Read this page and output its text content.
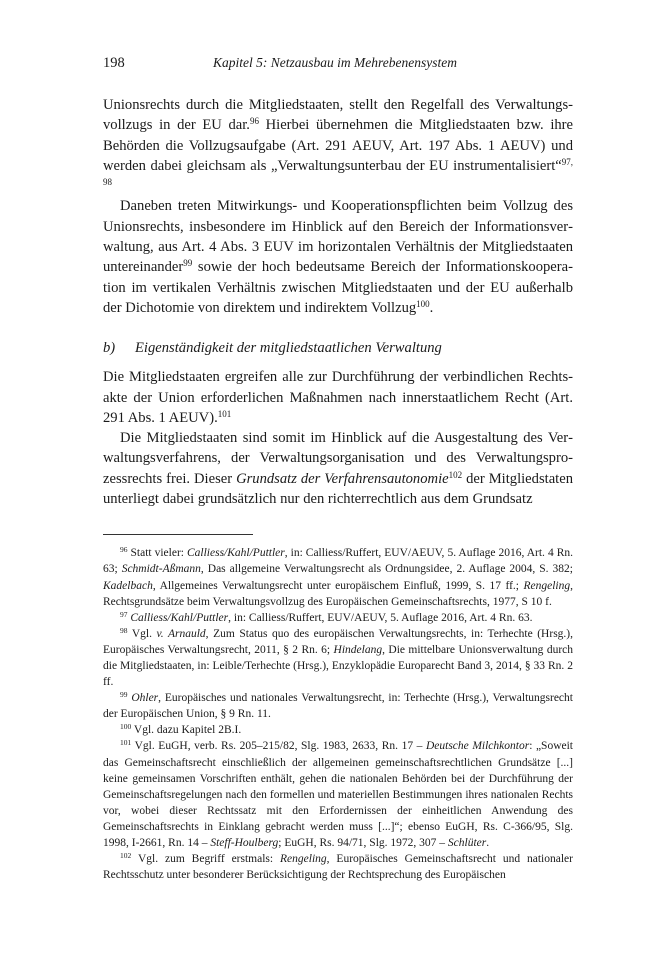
198	Kapitel 5: Netzausbau im Mehrebenensystem

Unionsrechts durch die Mitgliedstaaten, stellt den Regelfall des Verwaltungsvollzugs in der EU dar.$^{96}$ Hierbei übernehmen die Mitgliedstaaten bzw. ihre Behörden die Vollzugsaufgabe (Art. 291 AEUV, Art. 197 Abs. 1 AEUV) und werden dabei gleichsam als „Verwaltungsunterbau der EU instrumentalisiert“$^{97, 98}$

Daneben treten Mitwirkungs- und Kooperationspflichten beim Vollzug des Unionsrechts, insbesondere im Hinblick auf den Bereich der Informationsverwaltung, aus Art. 4 Abs. 3 EUV im horizontalen Verhältnis der Mitgliedstaaten untereinander$^{99}$ sowie der hoch bedeutsame Bereich der Informationskooperation im vertikalen Verhältnis zwischen Mitgliedstaaten und der EU außerhalb der Dichotomie von direktem und indirektem Vollzug$^{100}$.

b) Eigenständigkeit der mitgliedstaatlichen Verwaltung

Die Mitgliedstaaten ergreifen alle zur Durchführung der verbindlichen Rechtsakte der Union erforderlichen Maßnahmen nach innerstaatlichem Recht (Art. 291 Abs. 1 AEUV).$^{101}$

Die Mitgliedstaaten sind somit im Hinblick auf die Ausgestaltung des Verwaltungsverfahrens, der Verwaltungsorganisation und des Verwaltungsprozessrechts frei. Dieser Grundsatz der Verfahrensautonomie$^{102}$ der Mitgliedstaten unterliegt dabei grundsätzlich nur den richterrechtlich aus dem Grundsatz

$^{96}$ Statt vieler: Calliess/Kahl/Puttler, in: Calliess/Ruffert, EUV/AEUV, 5. Auflage 2016, Art. 4 Rn. 63; Schmidt-Aßmann, Das allgemeine Verwaltungsrecht als Ordnungsidee, 2. Auflage 2004, S. 382; Kadelbach, Allgemeines Verwaltungsrecht unter europäischem Einfluß, 1999, S. 17 ff.; Rengeling, Rechtsgrundsätze beim Verwaltungsvollzug des Europäischen Gemeinschaftsrechts, 1977, S 10 f.

$^{97}$ Calliess/Kahl/Puttler, in: Calliess/Ruffert, EUV/AEUV, 5. Auflage 2016, Art. 4 Rn. 63.

$^{98}$ Vgl. v. Arnauld, Zum Status quo des europäischen Verwaltungsrechts, in: Terhechte (Hrsg.), Europäisches Verwaltungsrecht, 2011, § 2 Rn. 6; Hindelang, Die mittelbare Unionsverwaltung durch die Mitgliedstaaten, in: Leible/Terhechte (Hrsg.), Enzyklopädie Europarecht Band 3, 2014, § 33 Rn. 2 ff.

$^{99}$ Ohler, Europäisches und nationales Verwaltungsrecht, in: Terhechte (Hrsg.), Verwaltungsrecht der Europäischen Union, § 9 Rn. 11.

$^{100}$ Vgl. dazu Kapitel 2B.I.

$^{101}$ Vgl. EuGH, verb. Rs. 205–215/82, Slg. 1983, 2633, Rn. 17 – Deutsche Milchkontor: „Soweit das Gemeinschaftsrecht einschließlich der allgemeinen gemeinschaftsrechtlichen Grundsätze [...] keine gemeinsamen Vorschriften enthält, gehen die nationalen Behörden bei der Durchführung der Gemeinschaftsregelungen nach den formellen und materiellen Bestimmungen ihres nationalen Rechts vor, wobei dieser Rechtssatz mit den Erfordernissen der einheitlichen Anwendung des Gemeinschaftsrechts in Einklang gebracht werden muss [...]“; ebenso EuGH, Rs. C-366/95, Slg. 1998, I-2661, Rn. 14 – Steff-Houlberg; EuGH, Rs. 94/71, Slg. 1972, 307 – Schlüter.

$^{102}$ Vgl. zum Begriff erstmals: Rengeling, Europäisches Gemeinschaftsrecht und nationaler Rechtsschutz unter besonderer Berücksichtigung der Rechtsprechung des Europäischen
